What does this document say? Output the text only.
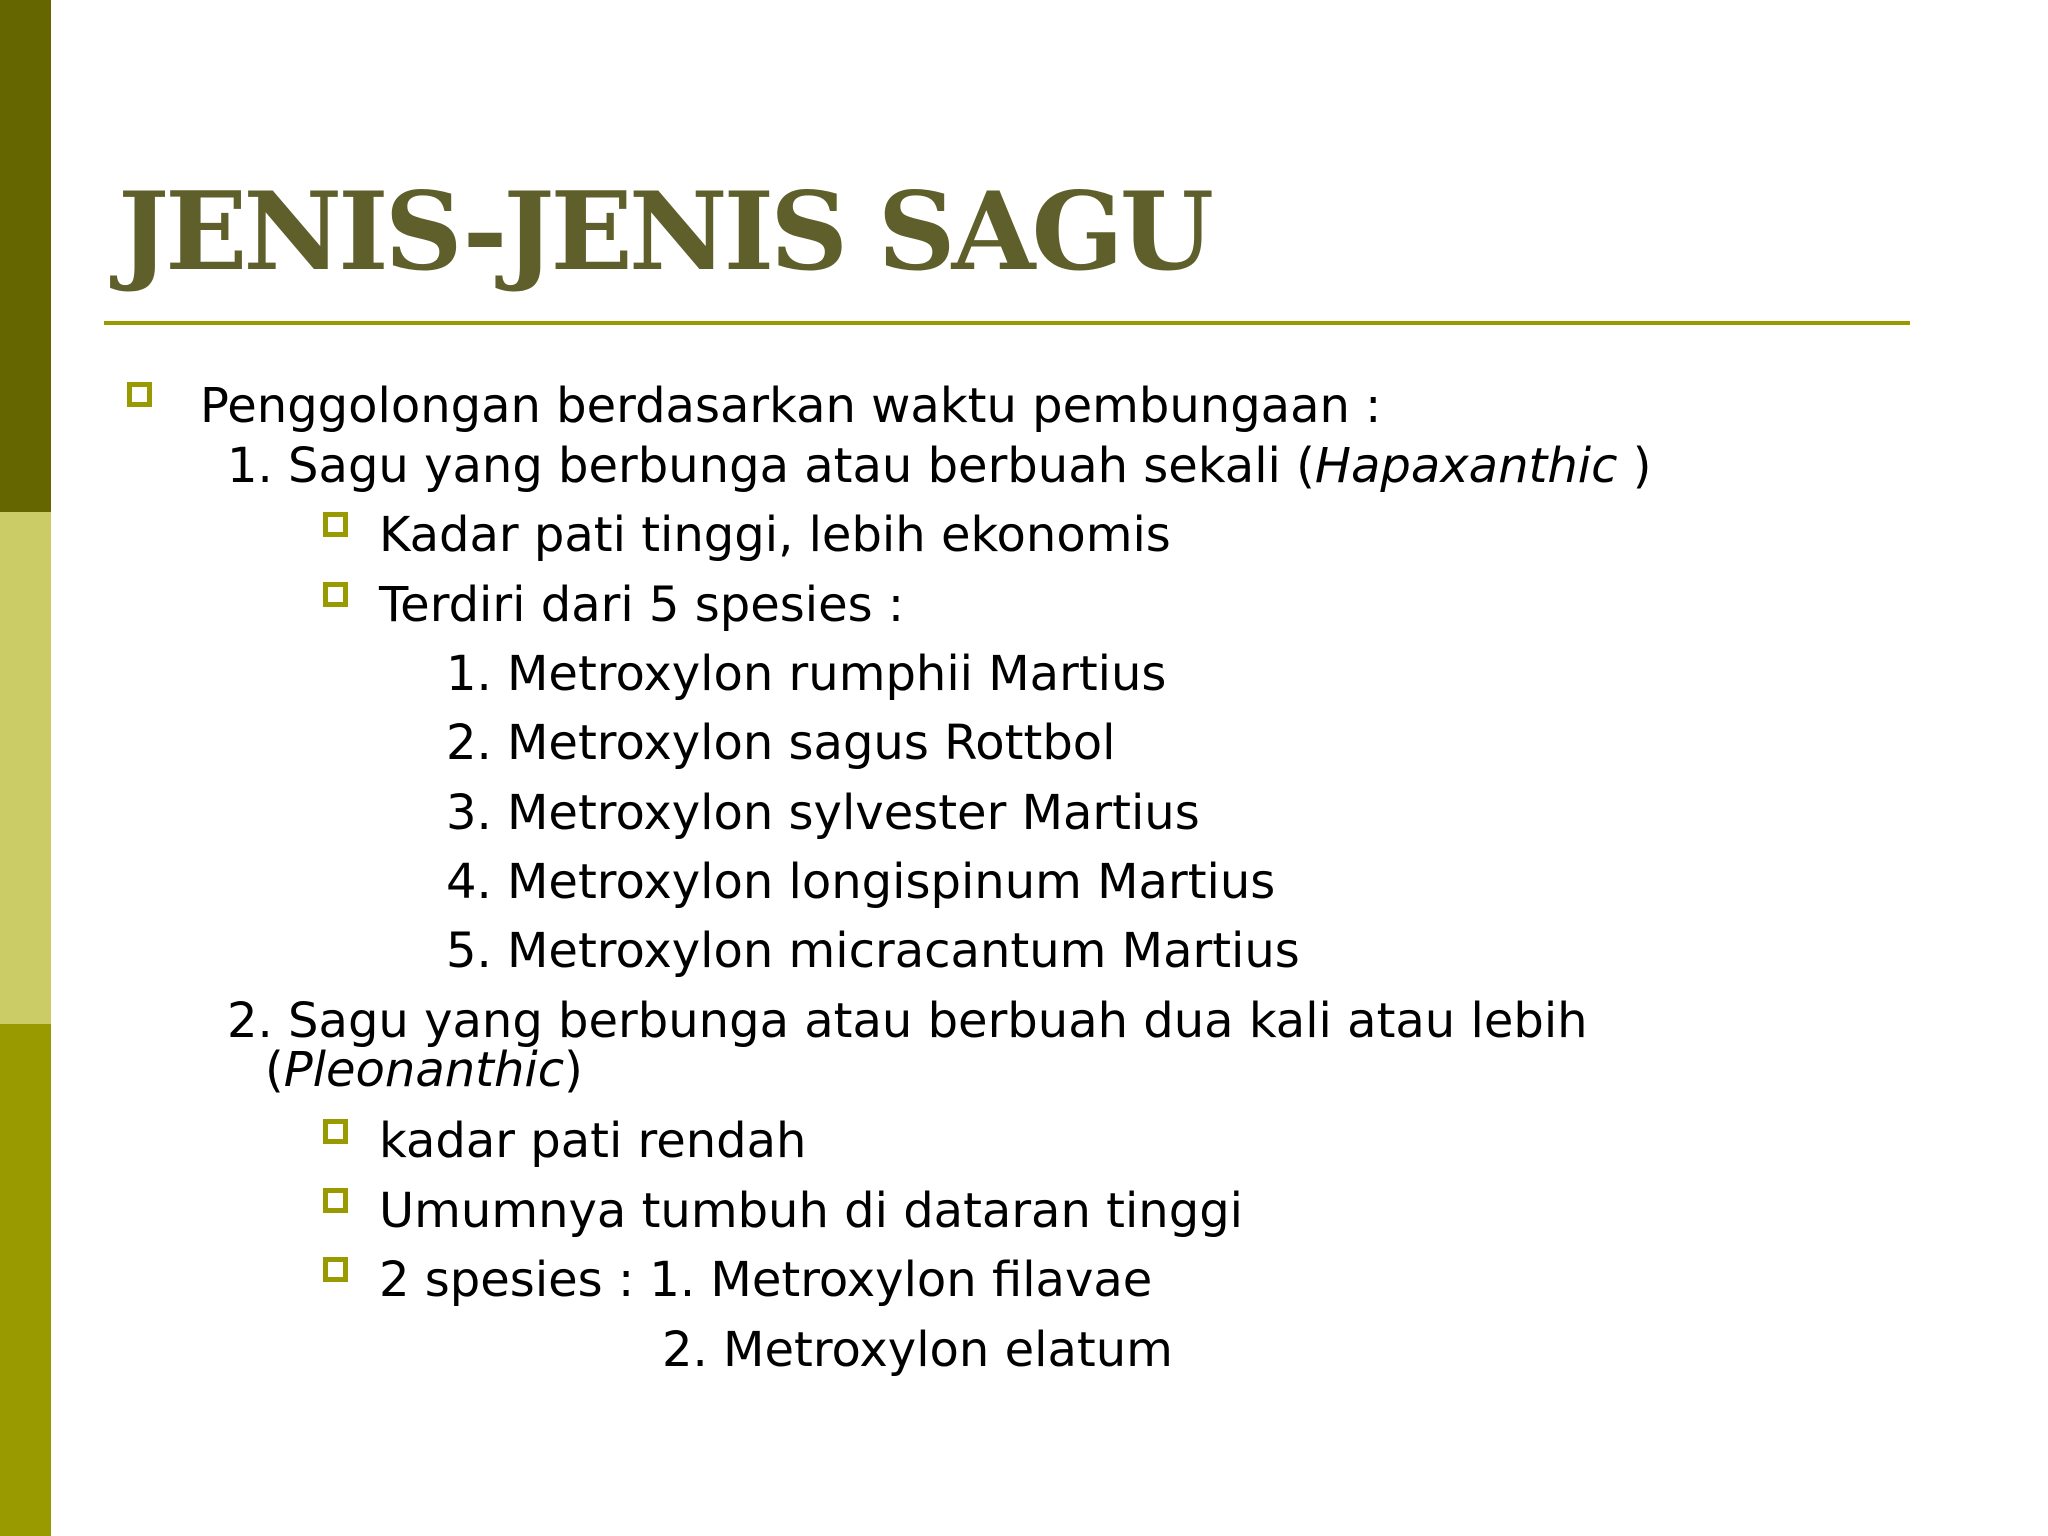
JENIS-JENIS SAGU
Penggolongan berdasarkan waktu pembungaan :
1. Sagu yang berbunga atau berbuah sekali (Hapaxanthic )
Kadar pati tinggi, lebih ekonomis
Terdiri dari 5 spesies :
1. Metroxylon rumphii Martius
2. Metroxylon sagus Rottbol
3. Metroxylon sylvester Martius
4. Metroxylon longispinum Martius
5. Metroxylon micracantum Martius
2. Sagu yang berbunga atau berbuah dua kali atau lebih
(Pleonanthic)
kadar pati rendah
Umumnya tumbuh di dataran tinggi
2 spesies : 1. Metroxylon filavae
2. Metroxylon elatum
